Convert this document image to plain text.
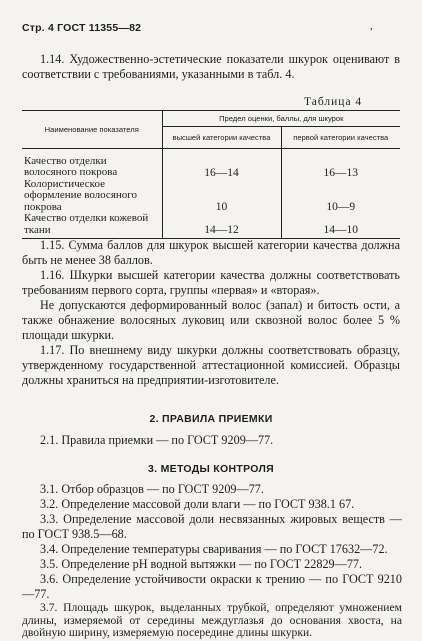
Стр. 4 ГОСТ 11355—82	,
1.14. Художественно-эстетические показатели шкурок оценивают в соответствии с требованиями, указанными в табл. 4.
Таблица 4
Наименование показателя	Предел оценки, баллы, для шкурок	
	высшей категории качества	первой категории качества
Качество отделки волосяного покрова	16—14	16—13
Колористическое оформление волосяного покрова	10	10—9
Качество отделки кожевой ткани	14—12	14—10
1.15. Сумма баллов для шкурок высшей категории качества должна быть не менее 38 баллов.
1.16. Шкурки высшей категории качества должны соответствовать требованиям первого сорта, группы «первая» и «вторая».
Не допускаются деформированный волос (запал) и битость ости, а также обнажение волосяных луковиц или сквозной волос более 5 % площади шкурки.
1.17. По внешнему виду шкурки должны соответствовать образцу, утвержденному государственной аттестационной комиссией. Образцы должны храниться на предприятии-изготовителе.
2. ПРАВИЛА ПРИЕМКИ
2.1. Правила приемки — по ГОСТ 9209—77.
3. МЕТОДЫ КОНТРОЛЯ
3.1. Отбор образцов — по ГОСТ 9209—77.
3.2. Определение массовой доли влаги — по ГОСТ 938.1 67.
3.3. Определение массовой доли несвязанных жировых веществ — по ГОСТ 938.5—68.
3.4. Определение температуры сваривания — по ГОСТ 17632—72.
3.5. Определение pH водной вытяжки — по ГОСТ 22829—77.
3.6. Определение устойчивости окраски к трению — по ГОСТ 9210—77.
3.7. Площадь шкурок, выделанных трубкой, определяют умножением длины, измеряемой от середины междуглазья до основания хвоста, на двойную ширину, измеряемую посередине длины шкурки.
